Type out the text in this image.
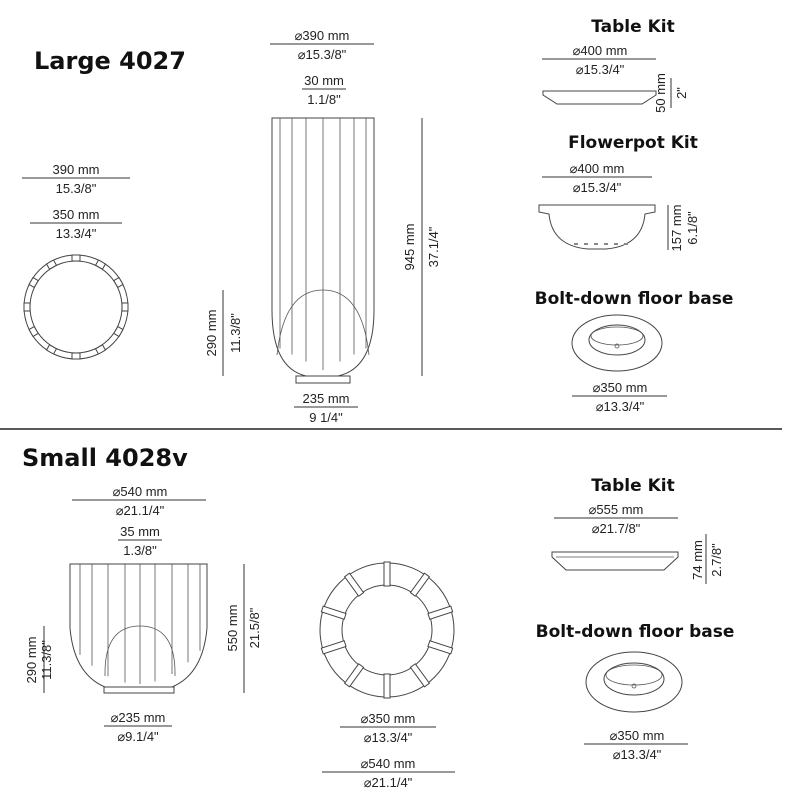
Large 4027
390 mm
15.3/8"
350 mm
13.3/4"
⌀390 mm
⌀15.3/8"
30 mm
1.1/8"
235 mm
9 1/4"
945 mm 37.1/4"
290 mm 11.3/8"
Table Kit
⌀400 mm
⌀15.3/4"
50 mm 2"
Flowerpot Kit
⌀400 mm
⌀15.3/4"
157 mm 6.1/8"
Bolt-down floor base
⌀350 mm
⌀13.3/4"
Small 4028v
⌀540 mm
⌀21.1/4"
35 mm
1.3/8"
⌀235 mm
⌀9.1/4"
550 mm 21.5/8"
290 mm 11.3/8"
⌀350 mm
⌀13.3/4"
⌀540 mm
⌀21.1/4"
Table Kit
⌀555 mm
⌀21.7/8"
74 mm 2.7/8"
Bolt-down floor base
⌀350 mm
⌀13.3/4"
